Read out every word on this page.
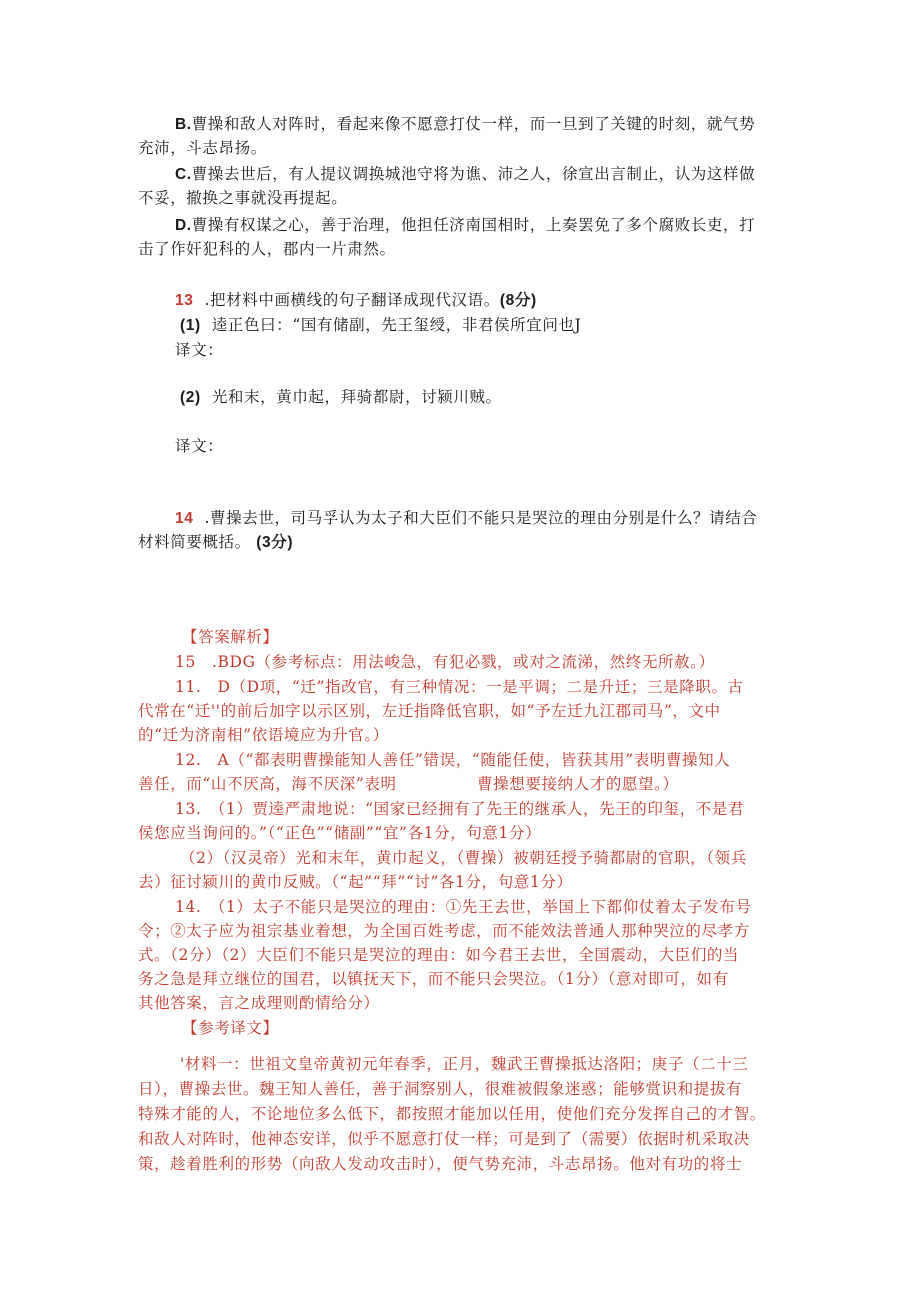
B.曹操和敌人对阵时，看起来像不愿意打仗一样，而一旦到了关键的时刻，就气势
充沛，斗志昂扬。
C.曹操去世后，有人提议调换城池守将为谯、沛之人，徐宣出言制止，认为这样做
不妥，撤换之事就没再提起。
D.曹操有权谋之心，善于治理，他担任济南国相时，上奏罢免了多个腐败长吏，打
击了作奸犯科的人，郡内一片肃然。
13 .把材料中画横线的句子翻译成现代汉语。(8分)
(1) 逵正色曰：“国有储副，先王玺绶，非君侯所宜问也J
译文：
(2) 光和末，黄巾起，拜骑都尉，讨颍川贼。
译文：
14 .曹操去世，司马孚认为太子和大臣们不能只是哭泣的理由分别是什么？请结合
材料简要概括。 (3分)
【答案解析】
15　.BDG（参考标点：用法峻急，有犯必戮，或对之流涕，然终无所赦。）
11.　D（D项，“迁”指改官，有三种情况：一是平调；二是升迁；三是降职。古
代常在“迁''的前后加字以示区别，左迁指降低官职，如“予左迁九江郡司马”，文中
的“迁为济南相”依语境应为升官。）
12.　A（“都表明曹操能知人善任”错误，“随能任使，皆获其用”表明曹操知人
善任，而“山不厌高，海不厌深”表明　　　　　曹操想要接纳人才的愿望。）
13.　（1）贾逵严肃地说：“国家已经拥有了先王的继承人，先王的印玺，不是君
侯您应当询问的。”（“正色”“储副”“宜”各1分，句意1分）
（2）（汉灵帝）光和末年，黄巾起义，（曹操）被朝廷授予骑都尉的官职，（领兵
去）征讨颍川的黄巾反贼。（“起”“拜”“讨”各1分，句意1分）
14.　（1）太子不能只是哭泣的理由：①先王去世，举国上下都仰仗着太子发布号
令；②太子应为祖宗基业着想，为全国百姓考虑，而不能效法普通人那种哭泣的尽孝方
式。（2分）（2）大臣们不能只是哭泣的理由：如今君王去世，全国震动，大臣们的当
务之急是拜立继位的国君，以镇抚天下，而不能只会哭泣。（1分）（意对即可，如有
其他答案，言之成理则酌情给分）
【参考译文】
'材料一：世祖文皇帝黄初元年春季，正月，魏武王曹操抵达洛阳；庚子（二十三
日），曹操去世。魏王知人善任，善于洞察别人，很难被假象迷惑；能够赏识和提拔有
特殊才能的人，不论地位多么低下，都按照才能加以任用，使他们充分发挥自己的才智。
和敌人对阵时，他神态安详，似乎不愿意打仗一样；可是到了（需要）依据时机采取决
策，趁着胜利的形势（向敌人发动攻击时），便气势充沛，斗志昂扬。他对有功的将士
